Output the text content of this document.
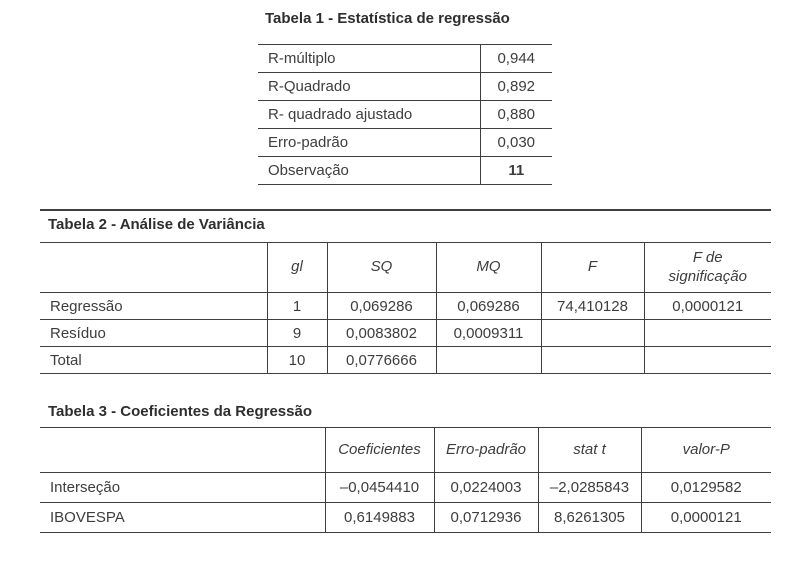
Tabela 1 - Estatística de regressão
R-múltiplo	0,944
R-Quadrado	0,892
R- quadrado ajustado	0,880
Erro-padrão	0,030
Observação	11
Tabela 2 - Análise de Variância
	gl	SQ	MQ	F	F de significação
Regressão	1	0,069286	0,069286	74,410128	0,0000121
Resíduo	9	0,0083802	0,0009311		
Total	10	0,0776666			
Tabela 3 - Coeficientes da Regressão
	Coeficientes	Erro-padrão	stat t	valor-P
Interseção	–0,0454410	0,0224003	–2,0285843	0,0129582
IBOVESPA	0,6149883	0,0712936	8,6261305	0,0000121
